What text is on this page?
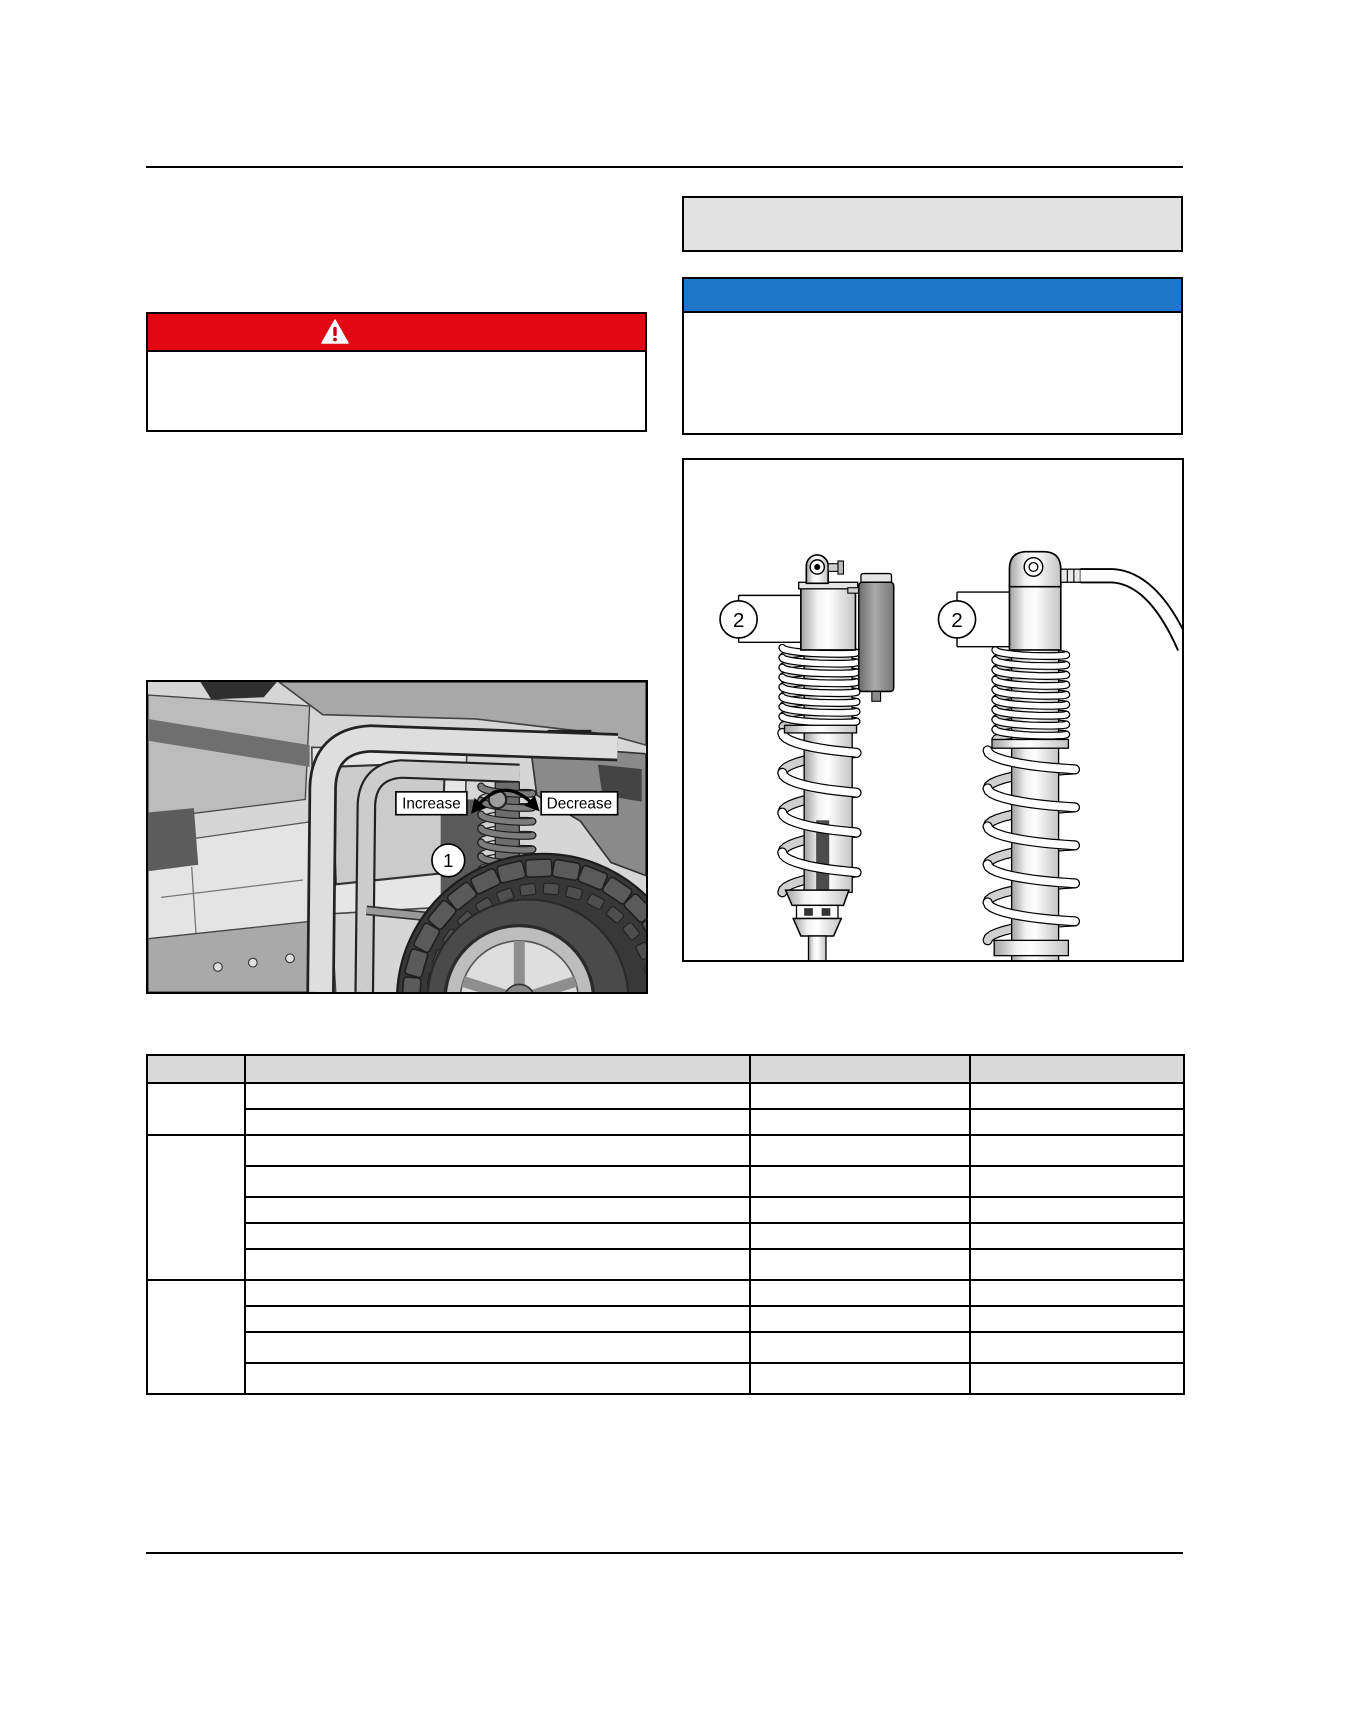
2	2
Increase	Decrease
1
